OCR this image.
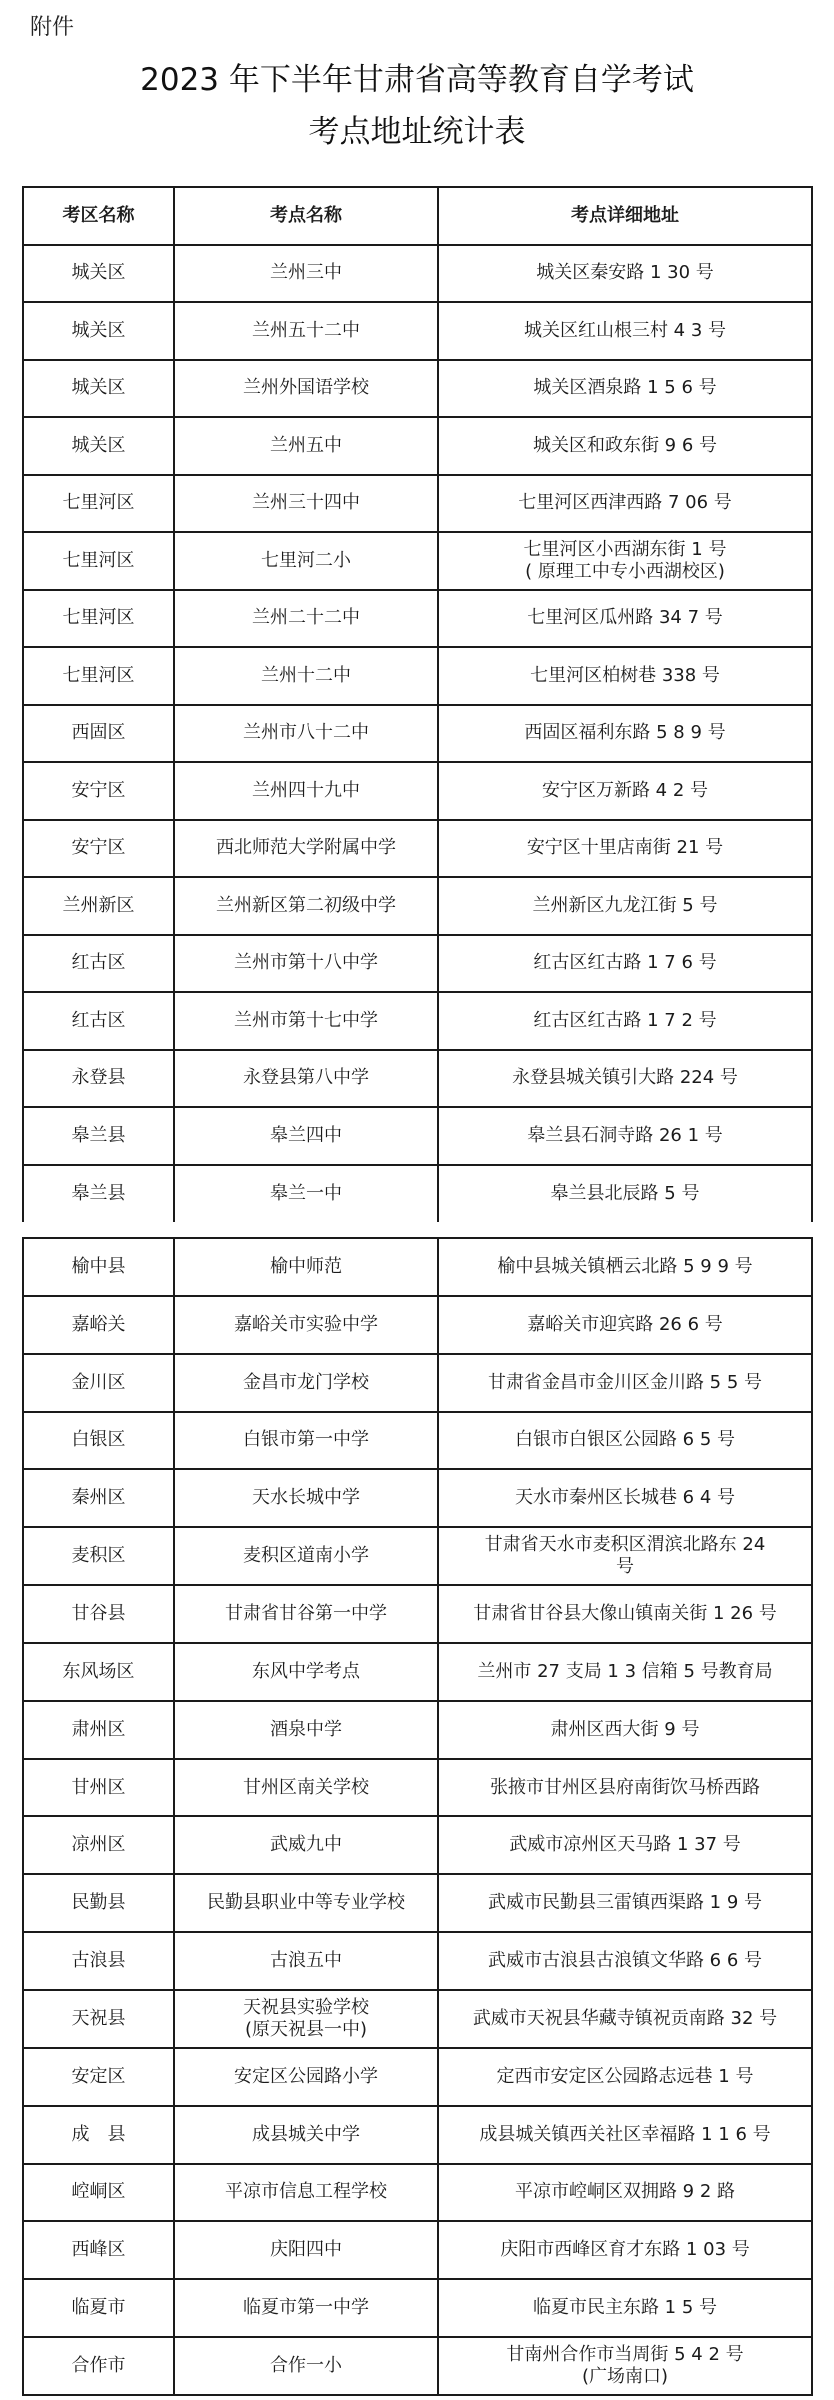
附件
2023 年下半年甘肃省高等教育自学考试
考点地址统计表
考区名称	考点名称	考点详细地址
城关区	兰州三中	城关区秦安路 1 30 号

城关区	兰州五十二中	城关区红山根三村 4 3 号

城关区	兰州外国语学校	城关区酒泉路 1 5 6 号

城关区	兰州五中	城关区和政东街 9 6 号

七里河区	兰州三十四中	七里河区西津西路 7 06 号

七里河区	七里河二小	七里河区小西湖东街 1 号
( 原理工中专小西湖校区)

七里河区	兰州二十二中	七里河区瓜州路 34 7 号

七里河区	兰州十二中	七里河区柏树巷 338 号

西固区	兰州市八十二中	西固区福利东路 5 8 9 号

安宁区	兰州四十九中	安宁区万新路 4 2 号

安宁区	西北师范大学附属中学	安宁区十里店南街 21 号

兰州新区	兰州新区第二初级中学	兰州新区九龙江街 5 号

红古区	兰州市第十八中学	红古区红古路 1 7 6 号

红古区	兰州市第十七中学	红古区红古路 1 7 2 号

永登县	永登县第八中学	永登县城关镇引大路 224 号

皋兰县	皋兰四中	皋兰县石洞寺路 26 1 号

皋兰县	皋兰一中	皋兰县北辰路 5 号
榆中县	榆中师范	榆中县城关镇栖云北路 5 9 9 号

嘉峪关	嘉峪关市实验中学	嘉峪关市迎宾路 26 6 号

金川区	金昌市龙门学校	甘肃省金昌市金川区金川路 5 5 号

白银区	白银市第一中学	白银市白银区公园路 6 5 号

秦州区	天水长城中学	天水市秦州区长城巷 6 4 号

麦积区	麦积区道南小学	甘肃省天水市麦积区渭滨北路东 24
号

甘谷县	甘肃省甘谷第一中学	甘肃省甘谷县大像山镇南关街 1 26 号

东风场区	东风中学考点	兰州市 27 支局 1 3 信箱 5 号教育局

肃州区	酒泉中学	肃州区西大街 9 号

甘州区	甘州区南关学校	张掖市甘州区县府南街饮马桥西路

凉州区	武威九中	武威市凉州区天马路 1 37 号

民勤县	民勤县职业中等专业学校	武威市民勤县三雷镇西渠路 1 9 号

古浪县	古浪五中	武威市古浪县古浪镇文华路 6 6 号

天祝县	天祝县实验学校
(原天祝县一中)	武威市天祝县华藏寺镇祝贡南路 32 号

安定区	安定区公园路小学	定西市安定区公园路志远巷 1 号

成　县	成县城关中学	成县城关镇西关社区幸福路 1 1 6 号

崆峒区	平凉市信息工程学校	平凉市崆峒区双拥路 9 2 路

西峰区	庆阳四中	庆阳市西峰区育才东路 1 03 号

临夏市	临夏市第一中学	临夏市民主东路 1 5 号

合作市	合作一小	甘南州合作市当周街 5 4 2 号
(广场南口)
